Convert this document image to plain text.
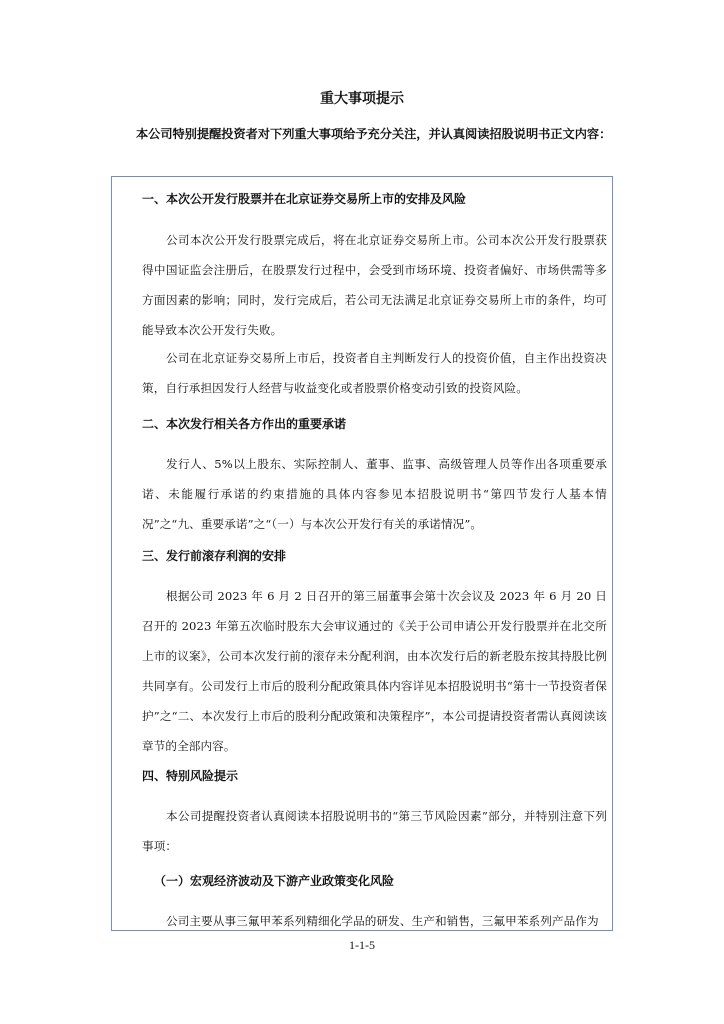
重大事项提示

本公司特别提醒投资者对下列重大事项给予充分关注，并认真阅读招股说明书正文内容：

一、本次公开发行股票并在北京证券交易所上市的安排及风险

公司本次公开发行股票完成后，将在北京证券交易所上市。公司本次公开发行股票获得中国证监会注册后，在股票发行过程中，会受到市场环境、投资者偏好、市场供需等多方面因素的影响；同时，发行完成后，若公司无法满足北京证券交易所上市的条件，均可能导致本次公开发行失败。

公司在北京证券交易所上市后，投资者自主判断发行人的投资价值，自主作出投资决策，自行承担因发行人经营与收益变化或者股票价格变动引致的投资风险。

二、本次发行相关各方作出的重要承诺

发行人、5%以上股东、实际控制人、董事、监事、高级管理人员等作出各项重要承诺、未能履行承诺的约束措施的具体内容参见本招股说明书“第四节发行人基本情况”之“九、重要承诺”之“（一）与本次公开发行有关的承诺情况”。

三、发行前滚存利润的安排

根据公司 2023 年 6 月 2 日召开的第三届董事会第十次会议及 2023 年 6 月 20 日召开的 2023 年第五次临时股东大会审议通过的《关于公司申请公开发行股票并在北交所上市的议案》，公司本次发行前的滚存未分配利润，由本次发行后的新老股东按其持股比例共同享有。公司发行上市后的股利分配政策具体内容详见本招股说明书“第十一节投资者保护”之“二、本次发行上市后的股利分配政策和决策程序”，本公司提请投资者需认真阅读该章节的全部内容。

四、特别风险提示

本公司提醒投资者认真阅读本招股说明书的“第三节风险因素”部分，并特别注意下列事项：

（一）宏观经济波动及下游产业政策变化风险

公司主要从事三氟甲苯系列精细化学品的研发、生产和销售，三氟甲苯系列产品作为

1-1-5
